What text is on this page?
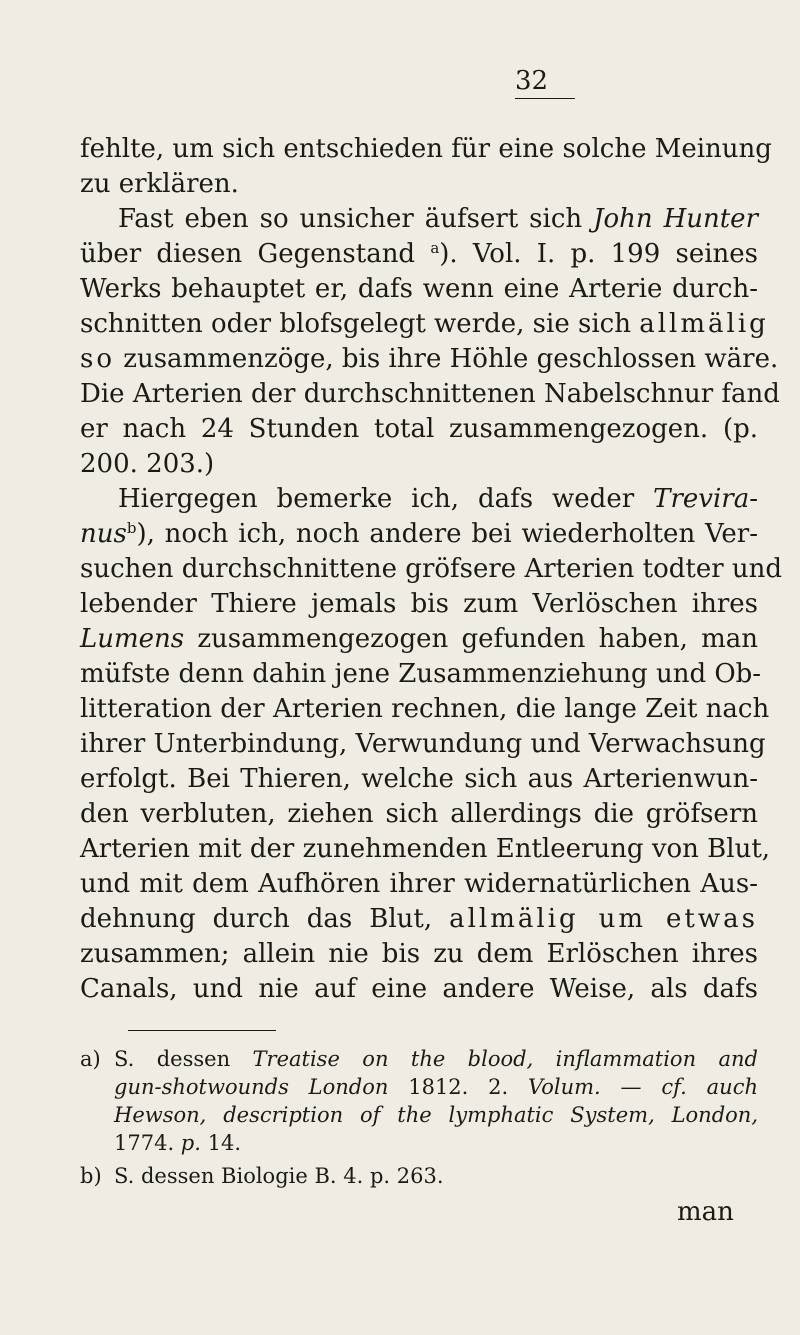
32
fehlte, um sich entschieden für eine solche Meinung
zu erklären.
Fast eben so unsicher äufsert sich John Hunter
über diesen Gegenstand $^a$). Vol. I. p. 199 seines
Werks behauptet er, dafs wenn eine Arterie durch-
schnitten oder blofsgelegt werde, sie sich allmälig
so zusammenzöge, bis ihre Höhle geschlossen wäre.
Die Arterien der durchschnittenen Nabelschnur fand
er nach 24 Stunden total zusammengezogen. (p.
200. 203.)
Hiergegen bemerke ich, dafs weder Trevira-
nus$^b$), noch ich, noch andere bei wiederholten Ver-
suchen durchschnittene gröfsere Arterien todter und
lebender Thiere jemals bis zum Verlöschen ihres
Lumens zusammengezogen gefunden haben, man
müfste denn dahin jene Zusammenziehung und Ob-
litteration der Arterien rechnen, die lange Zeit nach
ihrer Unterbindung, Verwundung und Verwachsung
erfolgt. Bei Thieren, welche sich aus Arterienwun-
den verbluten, ziehen sich allerdings die gröfsern
Arterien mit der zunehmenden Entleerung von Blut,
und mit dem Aufhören ihrer widernatürlichen Aus-
dehnung durch das Blut, allmälig um etwas
zusammen; allein nie bis zu dem Erlöschen ihres
Canals, und nie auf eine andere Weise, als dafs
a) S. dessen Treatise on the blood, inflammation and
gun-shotwounds London 1812. 2. Volum. — cf. auch
Hewson, description of the lymphatic System, London,
1774. p. 14.
b) S. dessen Biologie B. 4. p. 263.
man
